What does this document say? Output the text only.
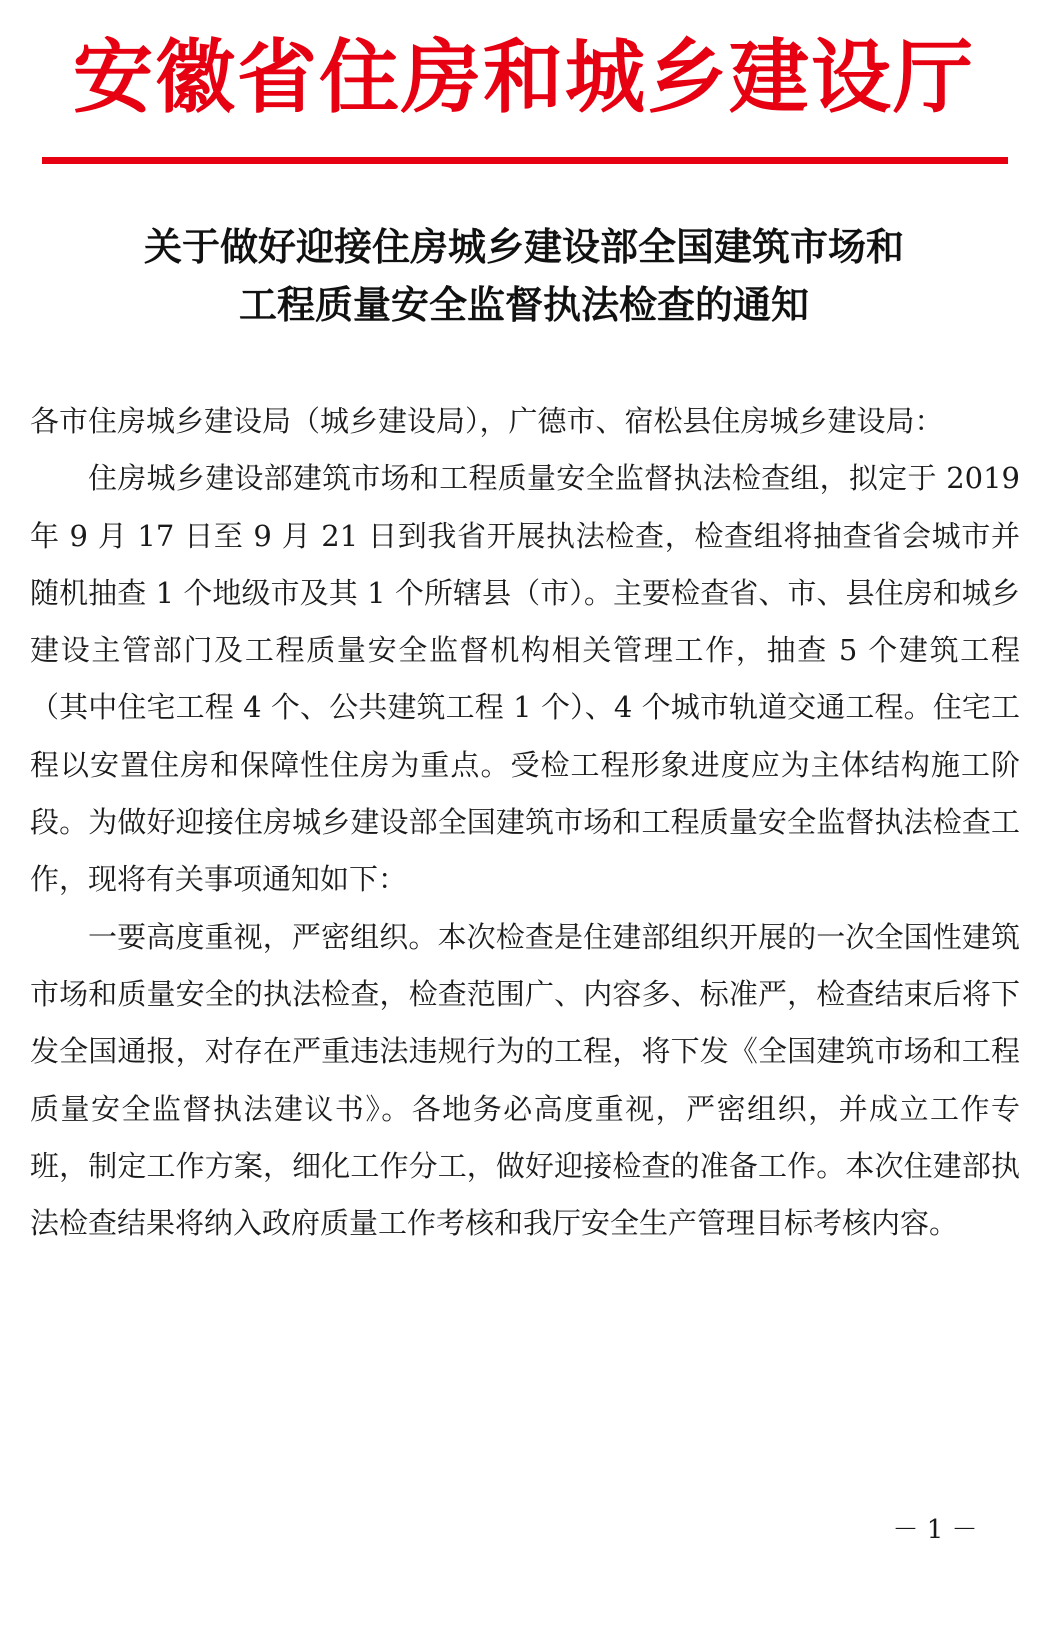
安徽省住房和城乡建设厅
关于做好迎接住房城乡建设部全国建筑市场和
工程质量安全监督执法检查的通知

各市住房城乡建设局（城乡建设局），广德市、宿松县住房城乡建设局：

住房城乡建设部建筑市场和工程质量安全监督执法检查组，拟定于 2019 年 9 月 17 日至 9 月 21 日到我省开展执法检查，检查组将抽查省会城市并随机抽查 1 个地级市及其 1 个所辖县（市）。主要检查省、市、县住房和城乡建设主管部门及工程质量安全监督机构相关管理工作，抽查 5 个建筑工程（其中住宅工程 4 个、公共建筑工程 1 个）、4 个城市轨道交通工程。住宅工程以安置住房和保障性住房为重点。受检工程形象进度应为主体结构施工阶段。为做好迎接住房城乡建设部全国建筑市场和工程质量安全监督执法检查工作，现将有关事项通知如下：

一要高度重视，严密组织。本次检查是住建部组织开展的一次全国性建筑市场和质量安全的执法检查，检查范围广、内容多、标准严，检查结束后将下发全国通报，对存在严重违法违规行为的工程，将下发《全国建筑市场和工程质量安全监督执法建议书》。各地务必高度重视，严密组织，并成立工作专班，制定工作方案，细化工作分工，做好迎接检查的准备工作。本次住建部执法检查结果将纳入政府质量工作考核和我厅安全生产管理目标考核内容。

－ 1 －
